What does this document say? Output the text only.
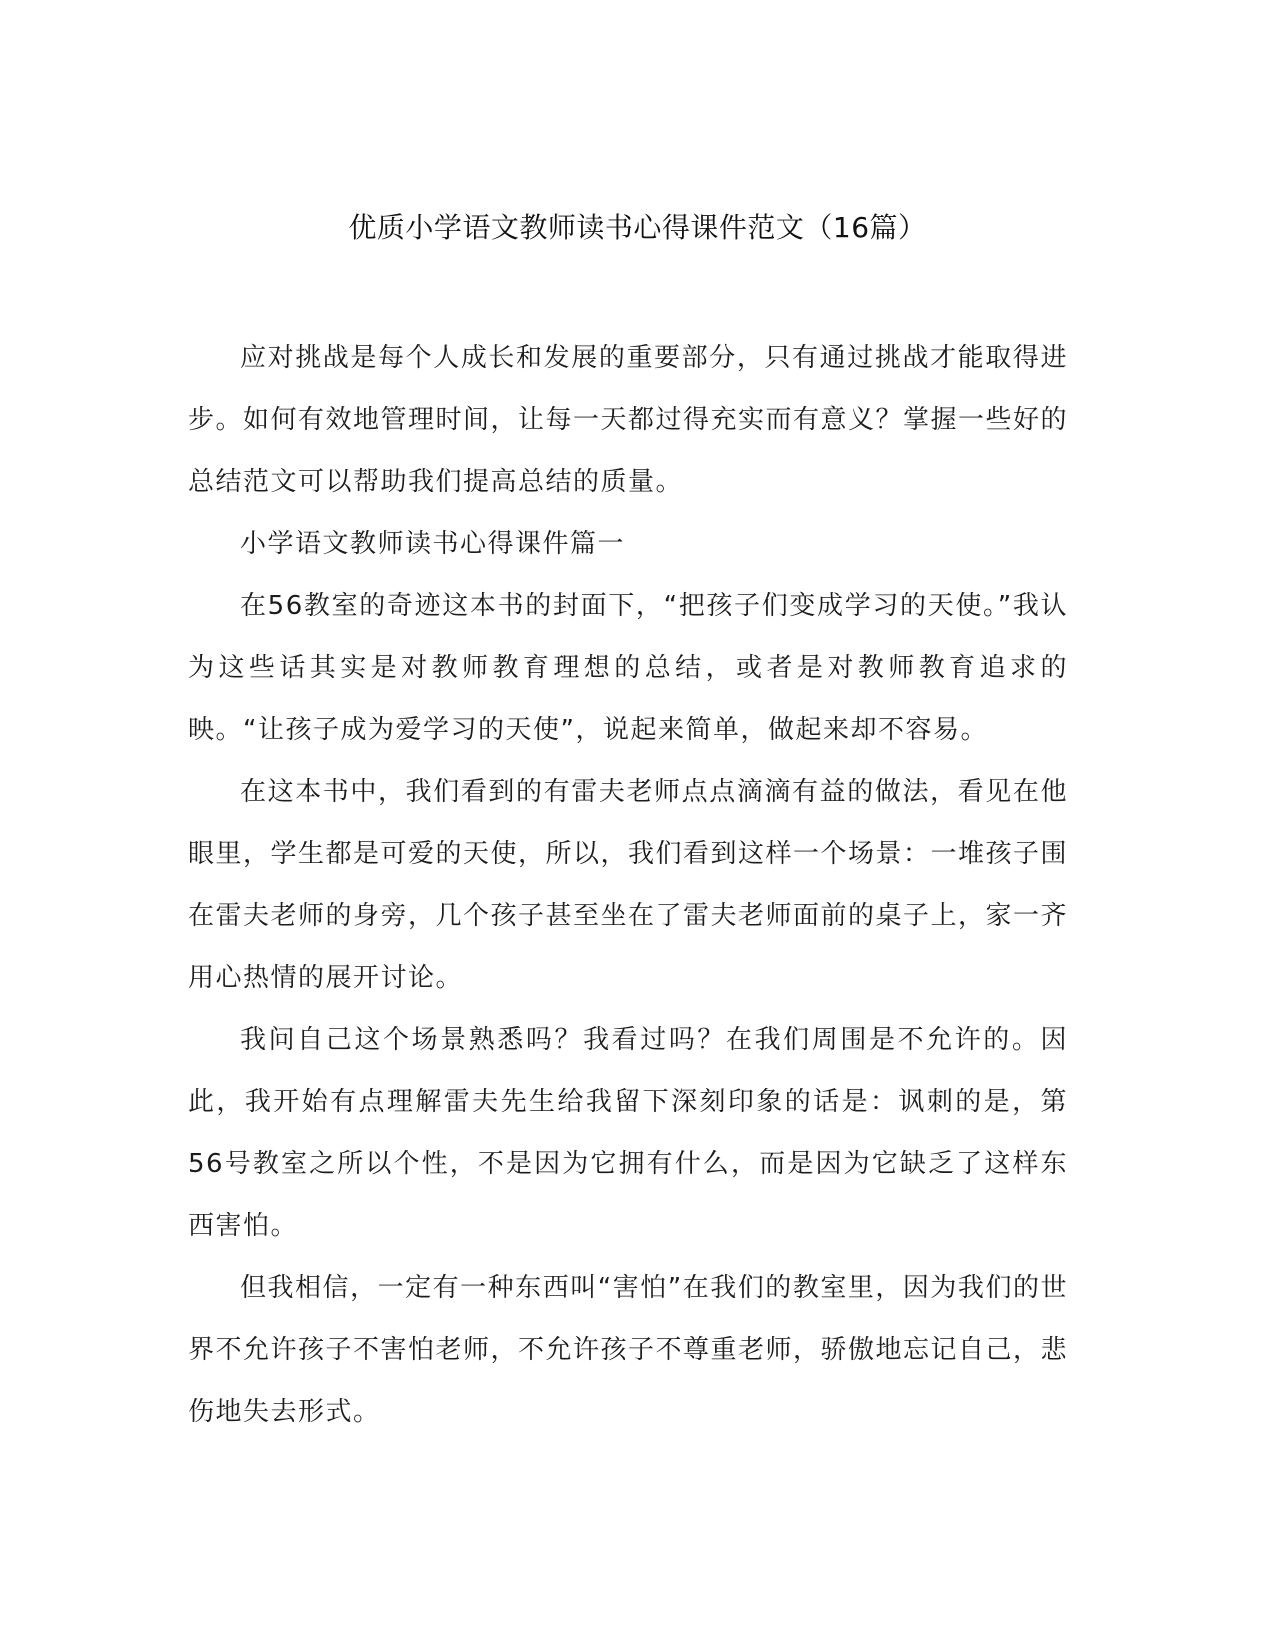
优质小学语文教师读书心得课件范文（16篇）

应对挑战是每个人成长和发展的重要部分，只有通过挑战才能取得进步。如何有效地管理时间，让每一天都过得充实而有意义？掌握一些好的总结范文可以帮助我们提高总结的质量。

小学语文教师读书心得课件篇一

在56教室的奇迹这本书的封面下，“把孩子们变成学习的天使。”我认为这些话其实是对教师教育理想的总结，或者是对教师教育追求的映。“让孩子成为爱学习的天使”，说起来简单，做起来却不容易。

在这本书中，我们看到的有雷夫老师点点滴滴有益的做法，看见在他眼里，学生都是可爱的天使，所以，我们看到这样一个场景：一堆孩子围在雷夫老师的身旁，几个孩子甚至坐在了雷夫老师面前的桌子上，家一齐用心热情的展开讨论。

我问自己这个场景熟悉吗？我看过吗？在我们周围是不允许的。因此，我开始有点理解雷夫先生给我留下深刻印象的话是：讽刺的是，第56号教室之所以个性，不是因为它拥有什么，而是因为它缺乏了这样东西害怕。

但我相信，一定有一种东西叫“害怕”在我们的教室里，因为我们的世界不允许孩子不害怕老师，不允许孩子不尊重老师，骄傲地忘记自己，悲伤地失去形式。
